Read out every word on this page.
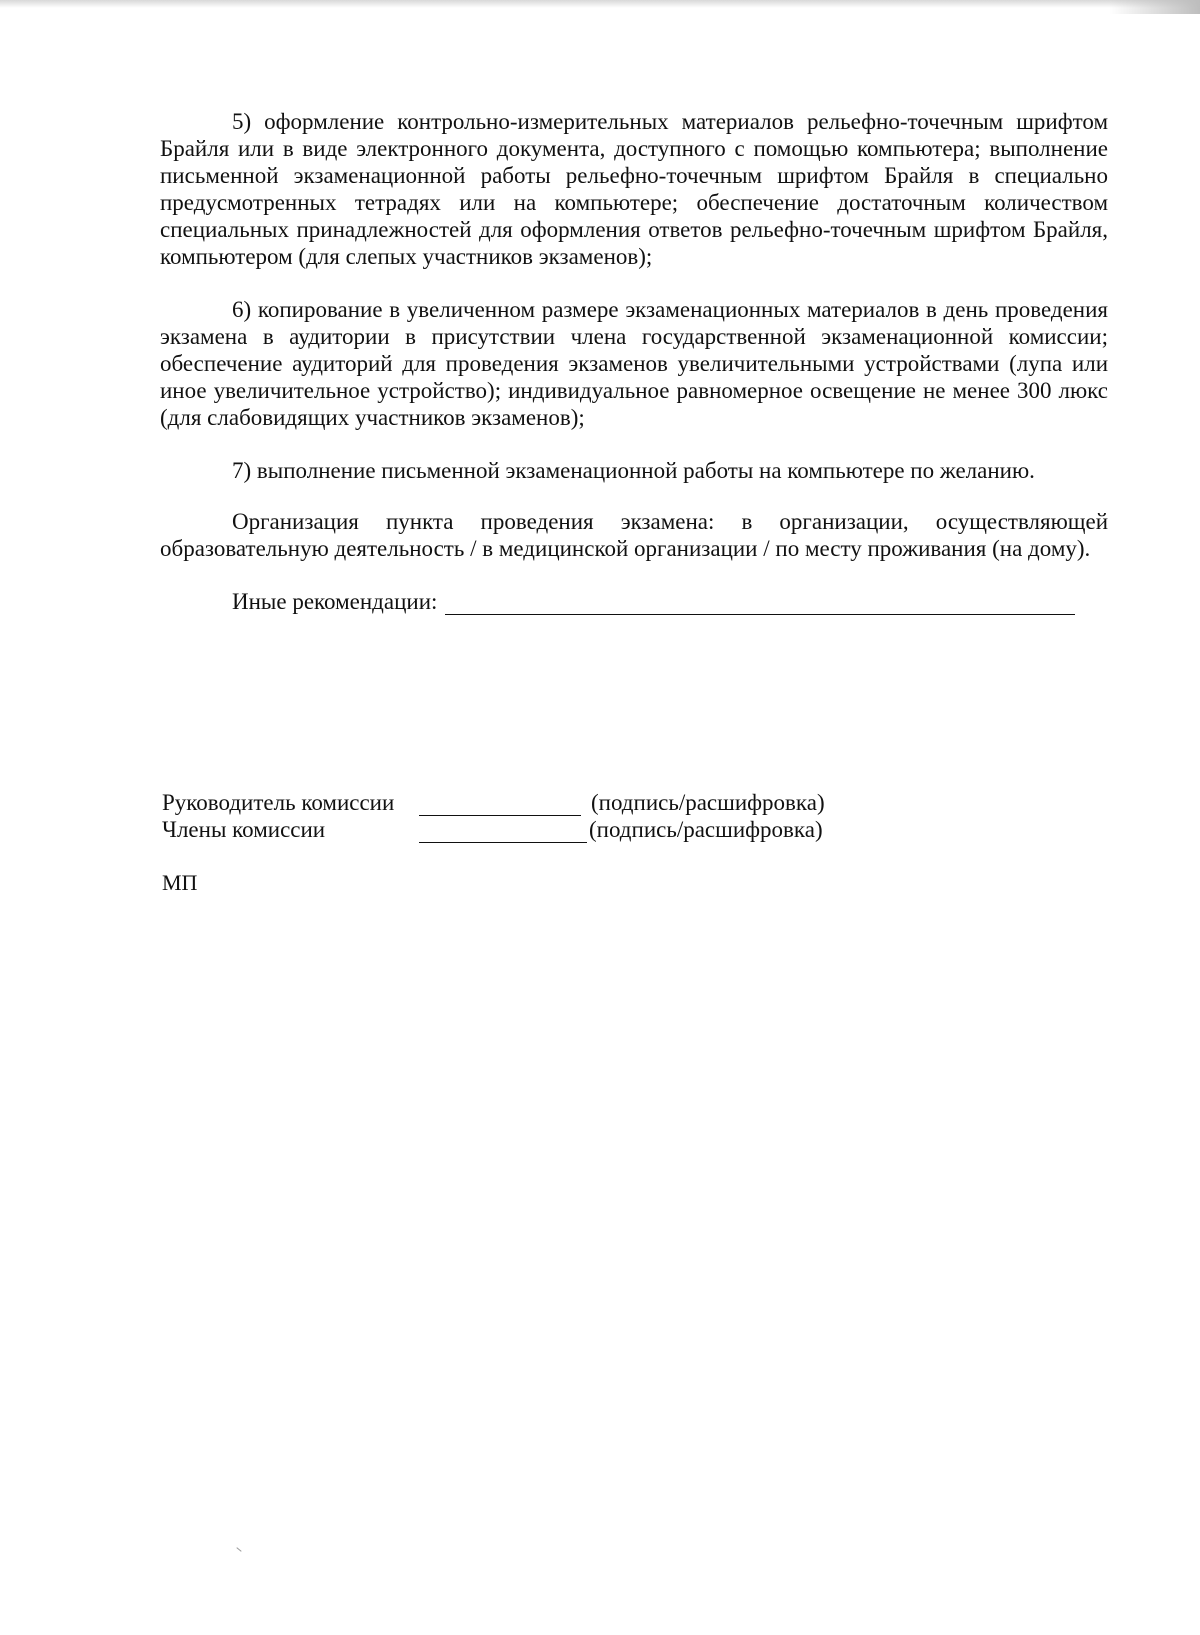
5) оформление контрольно-измерительных материалов рельефно-точечным шрифтом Брайля или в виде электронного документа, доступного с помощью компьютера; выполнение письменной экзаменационной работы рельефно-точечным шрифтом Брайля в специально предусмотренных тетрадях или на компьютере; обеспечение достаточным количеством специальных принадлежностей для оформления ответов рельефно-точечным шрифтом Брайля, компьютером (для слепых участников экзаменов);

6) копирование в увеличенном размере экзаменационных материалов в день проведения экзамена в аудитории в присутствии члена государственной экзаменационной комиссии; обеспечение аудиторий для проведения экзаменов увеличительными устройствами (лупа или иное увеличительное устройство); индивидуальное равномерное освещение не менее 300 люкс (для слабовидящих участников экзаменов);

7) выполнение письменной экзаменационной работы на компьютере по желанию.

Организация пункта проведения экзамена: в организации, осуществляющей образовательную деятельность / в медицинской организации / по месту проживания (на дому).

Иные рекомендации:
Руководитель комиссии	(подпись/расшифровка)
Члены комиссии	(подпись/расшифровка)
МП
